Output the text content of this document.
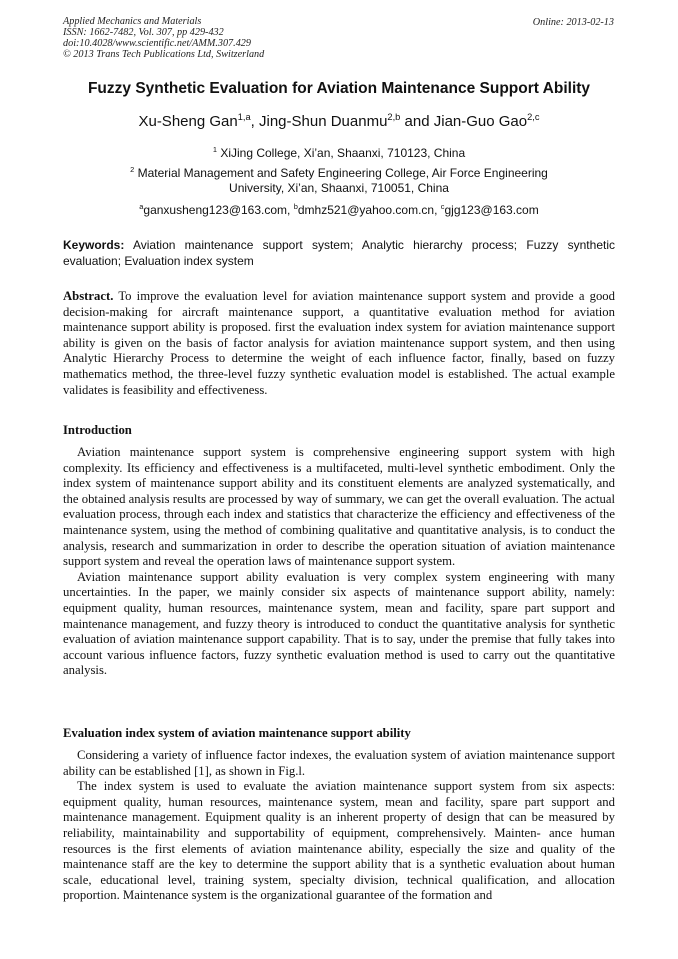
Applied Mechanics and Materials
ISSN: 1662-7482, Vol. 307, pp 429-432
doi:10.4028/www.scientific.net/AMM.307.429
© 2013 Trans Tech Publications Ltd, Switzerland
Online: 2013-02-13
Fuzzy Synthetic Evaluation for Aviation Maintenance Support Ability
Xu-Sheng Gan$^{1,a}$, Jing-Shun Duanmu$^{2,b}$ and Jian-Guo Gao$^{2,c}$
$^1$ XiJing College, Xi’an, Shaanxi, 710123, China
$^2$ Material Management and Safety Engineering College, Air Force Engineering
University, Xi’an, Shaanxi, 710051, China
$^a$ganxusheng123@163.com, $^b$dmhz521@yahoo.com.cn, $^c$gjg123@163.com
Keywords: Aviation maintenance support system; Analytic hierarchy process; Fuzzy synthetic evaluation; Evaluation index system
Abstract. To improve the evaluation level for aviation maintenance support system and provide a good decision-making for aircraft maintenance support, a quantitative evaluation method for aviation maintenance support ability is proposed. first the evaluation index system for aviation maintenance support ability is given on the basis of factor analysis for aviation maintenance support system, and then using Analytic Hierarchy Process to determine the weight of each influence factor, finally, based on fuzzy mathematics method, the three-level fuzzy synthetic evaluation model is established. The actual example validates is feasibility and effectiveness.
Introduction

Aviation maintenance support system is comprehensive engineering support system with high complexity. Its efficiency and effectiveness is a multifaceted, multi-level synthetic embodiment. Only the index system of maintenance support ability and its constituent elements are analyzed systematically, and the obtained analysis results are processed by way of summary, we can get the overall evaluation. The actual evaluation process, through each index and statistics that characterize the efficiency and effectiveness of the maintenance system, using the method of combining qualitative and quantitative analysis, is to conduct the analysis, research and summarization in order to describe the operation situation of aviation maintenance support system and reveal the operation laws of maintenance support system.

Aviation maintenance support ability evaluation is very complex system engineering with many uncertainties. In the paper, we mainly consider six aspects of maintenance support ability, namely: equipment quality, human resources, maintenance system, mean and facility, spare part support and maintenance management, and fuzzy theory is introduced to conduct the quantitative analysis for synthetic evaluation of aviation maintenance support capability. That is to say, under the premise that fully takes into account various influence factors, fuzzy synthetic evaluation method is used to carry out the quantitative analysis.

Evaluation index system of aviation maintenance support ability

Considering a variety of influence factor indexes, the evaluation system of aviation maintenance support ability can be established [1], as shown in Fig.l.

The index system is used to evaluate the aviation maintenance support system from six aspects: equipment quality, human resources, maintenance system, mean and facility, spare part support and maintenance management. Equipment quality is an inherent property of design that can be measured by reliability, maintainability and supportability of equipment, comprehensively. Mainten- ance human resources is the first elements of aviation maintenance ability, especially the size and quality of the maintenance staff are the key to determine the support ability that is a synthetic evaluation about human scale, educational level, training system, specialty division, technical qualification, and allocation proportion. Maintenance system is the organizational guarantee of the formation and
